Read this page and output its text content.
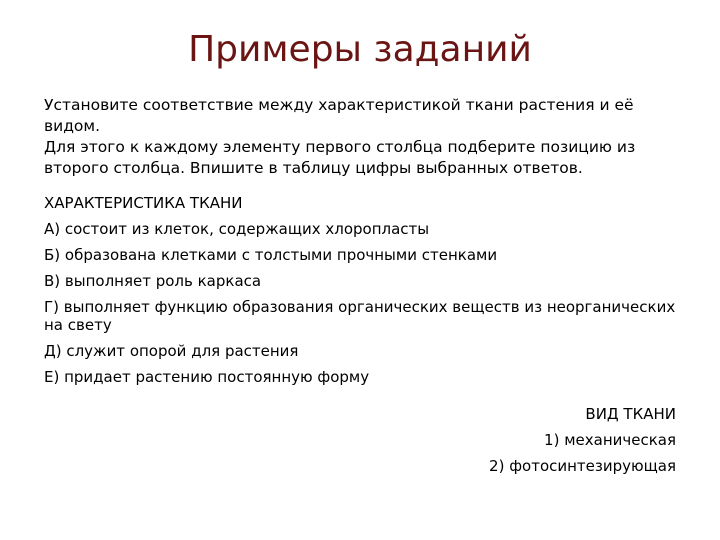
Примеры заданий
Установите соответствие между характеристикой ткани растения и её видом.
Для этого к каждому элементу первого столбца подберите позицию из
второго столбца. Впишите в таблицу цифры выбранных ответов.
ХАРАКТЕРИСТИКА ТКАНИ
А) состоит из клеток, содержащих хлоропласты
Б) образована клетками с толстыми прочными стенками
В) выполняет роль каркаса
Г) выполняет функцию образования органических веществ из неорганических на свету
Д) служит опорой для растения
Е) придает растению постоянную форму
ВИД ТКАНИ
1) механическая
2) фотосинтезирующая
